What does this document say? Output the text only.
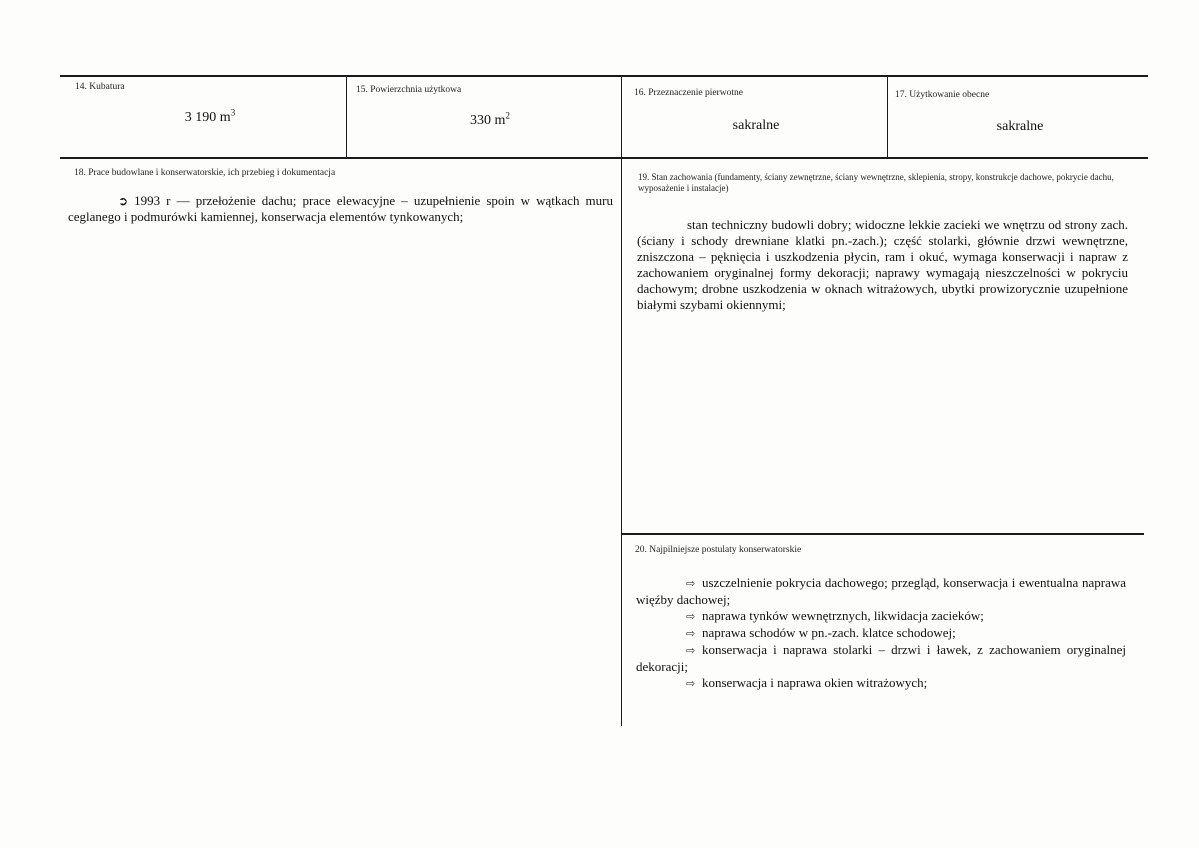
14. Kubatura
3 190 $m^3$
15. Powierzchnia użytkowa
330 $m^2$
16. Przeznaczenie pierwotne
sakralne
17. Użytkowanie obecne
sakralne
18. Prace budowlane i konserwatorskie, ich przebieg i dokumentacja
➲ 1993 r — przełożenie dachu; prace elewacyjne – uzupełnienie spoin w wątkach muru ceglanego i podmurówki kamiennej, konserwacja elementów tynkowanych;
19. Stan zachowania (fundamenty, ściany zewnętrzne, ściany wewnętrzne, sklepienia, stropy, konstrukcje dachowe, pokrycie dachu, wyposażenie i instalacje)
stan techniczny budowli dobry; widoczne lekkie zacieki we wnętrzu od strony zach. (ściany i schody drewniane klatki pn.-zach.); część stolarki, głównie drzwi wewnętrzne, zniszczona – pęknięcia i uszkodzenia płycin, ram i okuć, wymaga konserwacji i napraw z zachowaniem oryginalnej formy dekoracji; naprawy wymagają nieszczelności w pokryciu dachowym; drobne uszkodzenia w oknach witrażowych, ubytki prowizorycznie uzupełnione białymi szybami okiennymi;
20. Najpilniejsze postulaty konserwatorskie
⇨ uszczelnienie pokrycia dachowego; przegląd, konserwacja i ewentualna naprawa więźby dachowej;
⇨ naprawa tynków wewnętrznych, likwidacja zacieków;
⇨ naprawa schodów w pn.-zach. klatce schodowej;
⇨ konserwacja i naprawa stolarki – drzwi i ławek, z zachowaniem oryginalnej dekoracji;
⇨ konserwacja i naprawa okien witrażowych;
